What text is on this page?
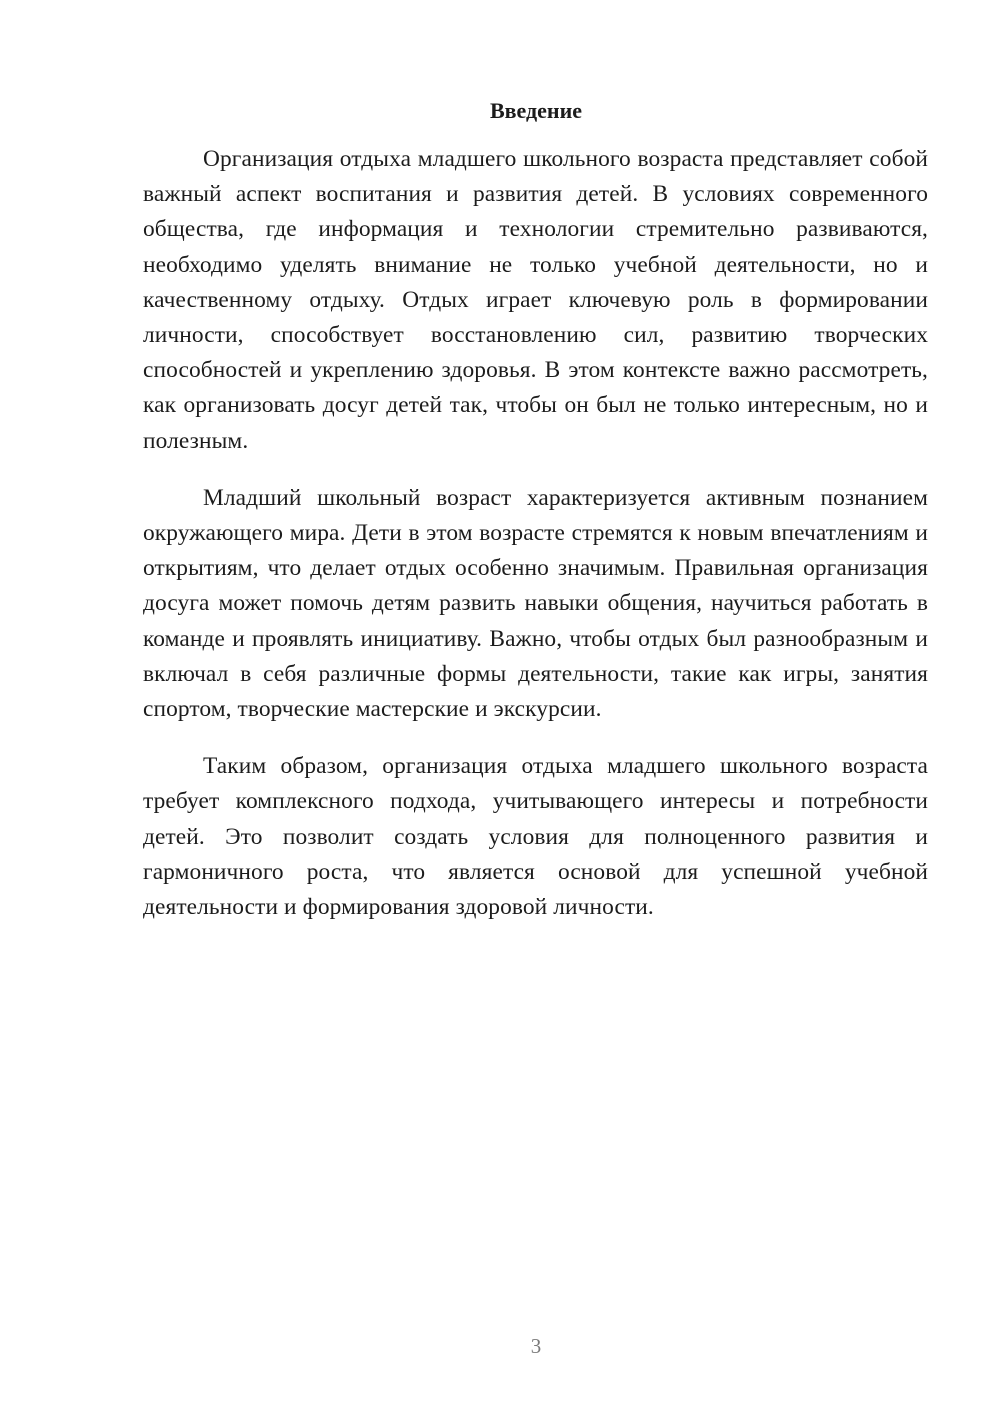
Введение

Организация отдыха младшего школьного возраста представляет собой важный аспект воспитания и развития детей. В условиях современного общества, где информация и технологии стремительно развиваются, необходимо уделять внимание не только учебной деятельности, но и качественному отдыху. Отдых играет ключевую роль в формировании личности, способствует восстановлению сил, развитию творческих способностей и укреплению здоровья. В этом контексте важно рассмотреть, как организовать досуг детей так, чтобы он был не только интересным, но и полезным.

Младший школьный возраст характеризуется активным познанием окружающего мира. Дети в этом возрасте стремятся к новым впечатлениям и открытиям, что делает отдых особенно значимым. Правильная организация досуга может помочь детям развить навыки общения, научиться работать в команде и проявлять инициативу. Важно, чтобы отдых был разнообразным и включал в себя различные формы деятельности, такие как игры, занятия спортом, творческие мастерские и экскурсии.

Таким образом, организация отдыха младшего школьного возраста требует комплексного подхода, учитывающего интересы и потребности детей. Это позволит создать условия для полноценного развития и гармоничного роста, что является основой для успешной учебной деятельности и формирования здоровой личности.

3
